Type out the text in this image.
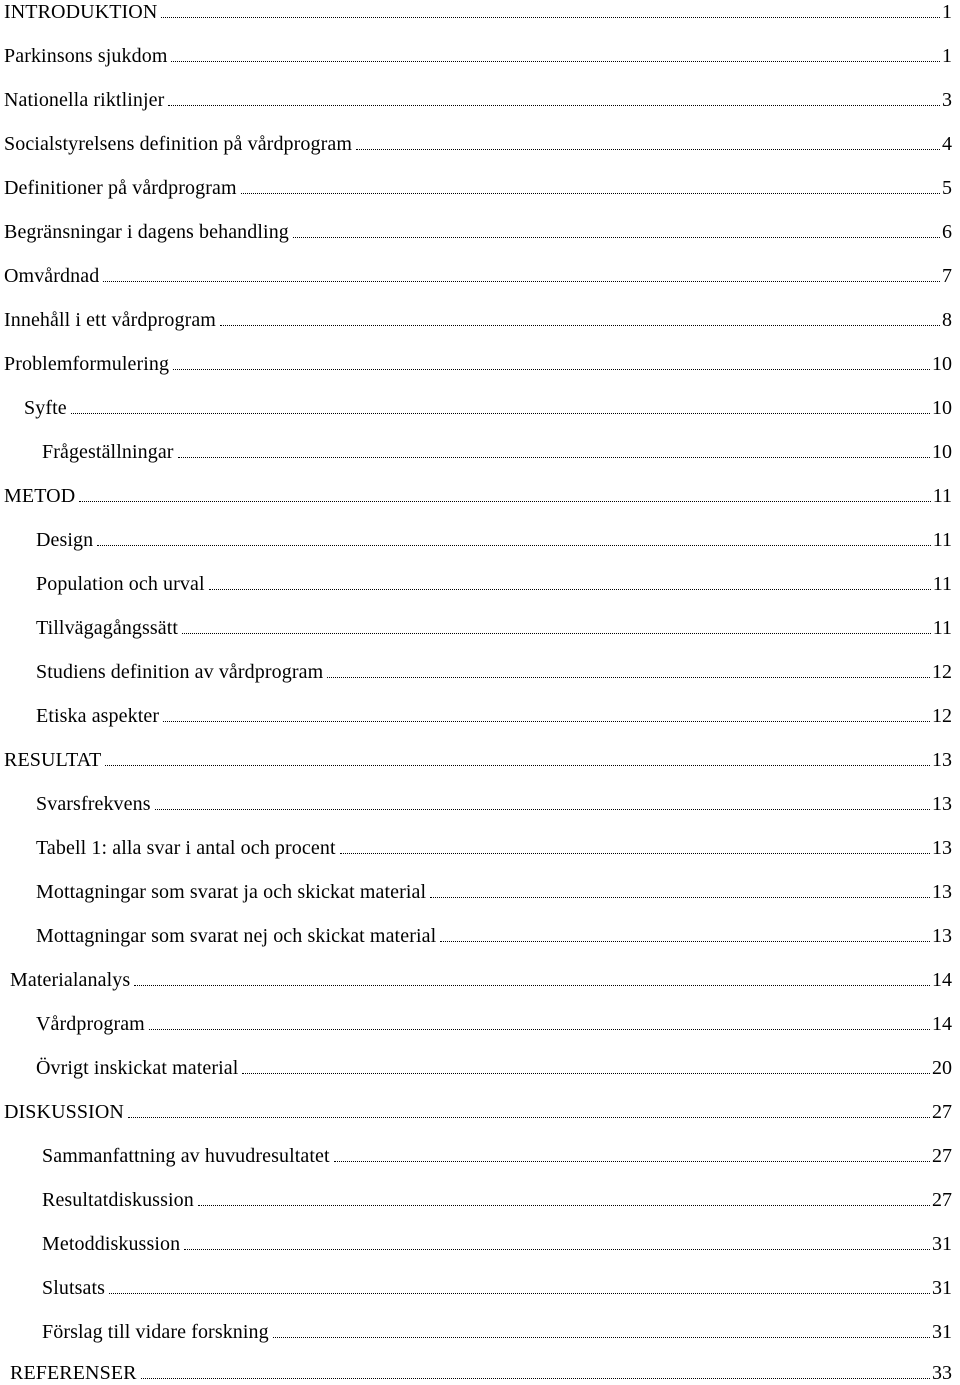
INTRODUKTION	1
Parkinsons sjukdom	1
Nationella riktlinjer	3
Socialstyrelsens definition på vårdprogram	4
Definitioner på vårdprogram	5
Begränsningar i dagens behandling	6
Omvårdnad	7
Innehåll i ett vårdprogram	8
Problemformulering	10
Syfte	10
Frågeställningar	10
METOD	11
Design	11
Population och urval	11
Tillvägagångssätt	11
Studiens definition av vårdprogram	12
Etiska aspekter	12
RESULTAT	13
Svarsfrekvens	13
Tabell 1: alla svar i antal och procent	13
Mottagningar som svarat ja och skickat material	13
Mottagningar som svarat nej och skickat material	13
Materialanalys	14
Vårdprogram	14
Övrigt inskickat material	20
DISKUSSION	27
Sammanfattning av huvudresultatet	27
Resultatdiskussion	27
Metoddiskussion	31
Slutsats	31
Förslag till vidare forskning	31
REFERENSER	33
